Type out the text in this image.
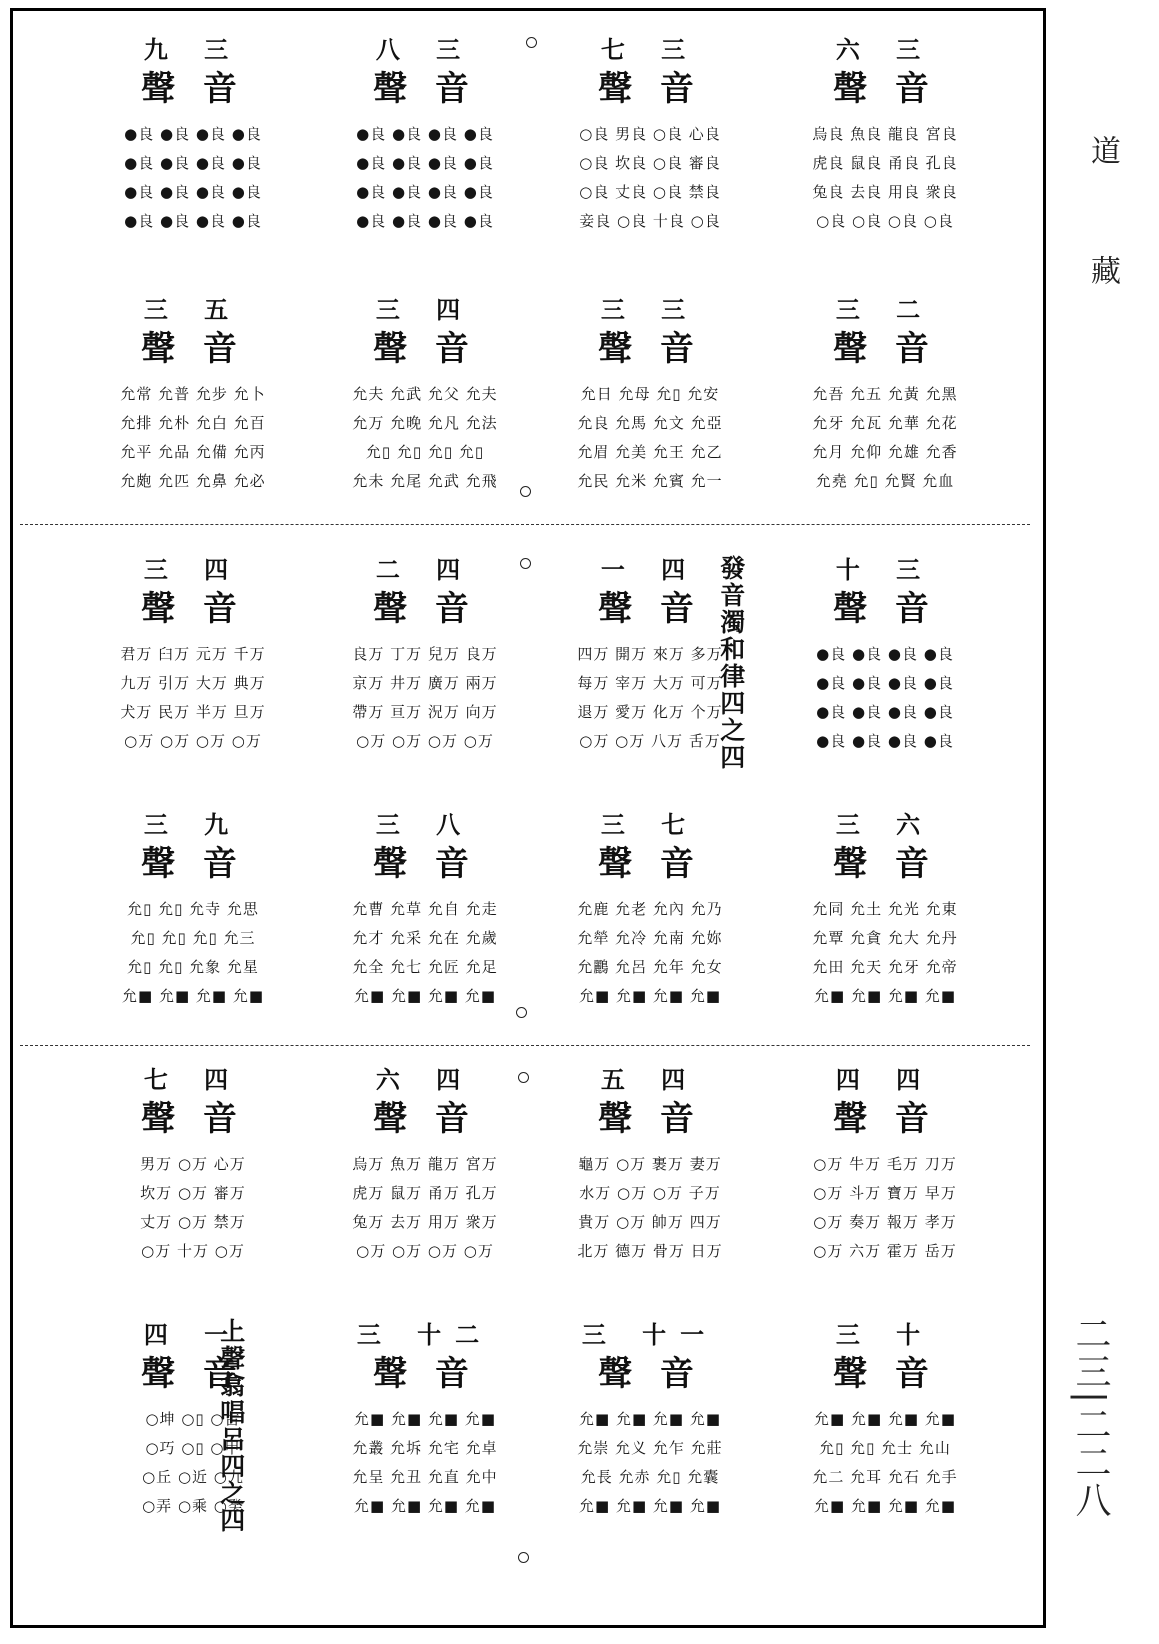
道
藏
二三|二二八
發音濁和律四之四
上聲翕唱呂四之四
九 三
聲 音
●良 ●良 ●良 ●良
●良 ●良 ●良 ●良
●良 ●良 ●良 ●良
●良 ●良 ●良 ●良
八 三
聲 音
●良 ●良 ●良 ●良
●良 ●良 ●良 ●良
●良 ●良 ●良 ●良
●良 ●良 ●良 ●良
七 三
聲 音
○良 男良 ○良 心良
○良 坎良 ○良 審良
○良 丈良 ○良 禁良
妾良 ○良 十良 ○良
六 三
聲 音
烏良 魚良 龍良 宮良
虎良 鼠良 甬良 孔良
兔良 去良 用良 衆良
○良 ○良 ○良 ○良
三 五
聲 音
允常 允普 允步 允卜
允排 允朴 允白 允百
允平 允品 允備 允丙
允皰 允匹 允鼻 允必
三 四
聲 音
允夫 允武 允父 允夫
允万 允晚 允凡 允法
允▯ 允▯ 允▯ 允▯
允未 允尾 允武 允飛
三 三
聲 音
允日 允母 允▯ 允安
允良 允馬 允文 允亞
允眉 允美 允王 允乙
允民 允米 允賓 允一
三 二
聲 音
允吾 允五 允黃 允黑
允牙 允瓦 允華 允花
允月 允仰 允雄 允香
允堯 允▯ 允賢 允血
三 四
聲 音
君万 臼万 元万 千万
九万 引万 大万 典万
犬万 民万 半万 旦万
○万 ○万 ○万 ○万
二 四
聲 音
良万 丁万 兒万 良万
京万 井万 廣万 兩万
帶万 亘万 況万 向万
○万 ○万 ○万 ○万
一 四
聲 音
四万 開万 來万 多万
每万 宰万 大万 可万
退万 愛万 化万 个万
○万 ○万 八万 舌万
十 三
聲 音
●良 ●良 ●良 ●良
●良 ●良 ●良 ●良
●良 ●良 ●良 ●良
●良 ●良 ●良 ●良
三 九
聲 音
允▯ 允▯ 允寺 允思
允▯ 允▯ 允▯ 允三
允▯ 允▯ 允象 允星
允■ 允■ 允■ 允■
三 八
聲 音
允曹 允草 允自 允走
允才 允采 允在 允歲
允全 允七 允匠 允足
允■ 允■ 允■ 允■
三 七
聲 音
允鹿 允老 允內 允乃
允犖 允冷 允南 允妳
允鸝 允呂 允年 允女
允■ 允■ 允■ 允■
三 六
聲 音
允同 允土 允光 允東
允覃 允貪 允大 允丹
允田 允天 允牙 允帝
允■ 允■ 允■ 允■
七 四
聲 音
男万 ○万 心万
坎万 ○万 審万
丈万 ○万 禁万
○万 十万 ○万
六 四
聲 音
烏万 魚万 龍万 宮万
虎万 鼠万 甬万 孔万
兔万 去万 用万 衆万
○万 ○万 ○万 ○万
五 四
聲 音
龜万 ○万 裹万 妻万
水万 ○万 ○万 子万
貴万 ○万 帥万 四万
北万 德万 骨万 日万
四 四
聲 音
○万 牛万 毛万 刀万
○万 斗万 寶万 早万
○万 奏万 報万 孝万
○万 六万 霍万 岳万
四 一
聲 音
○坤 ○▯ ○古
○巧 ○▯ ○甲
○丘 ○近 ○九
○弄 ○乘 ○癸
三 十二
聲 音
允■ 允■ 允■ 允■
允叢 允坼 允宅 允卓
允呈 允丑 允直 允中
允■ 允■ 允■ 允■
三 十一
聲 音
允■ 允■ 允■ 允■
允崇 允义 允乍 允莊
允長 允赤 允▯ 允囊
允■ 允■ 允■ 允■
三 十
聲 音
允■ 允■ 允■ 允■
允▯ 允▯ 允士 允山
允二 允耳 允石 允手
允■ 允■ 允■ 允■
